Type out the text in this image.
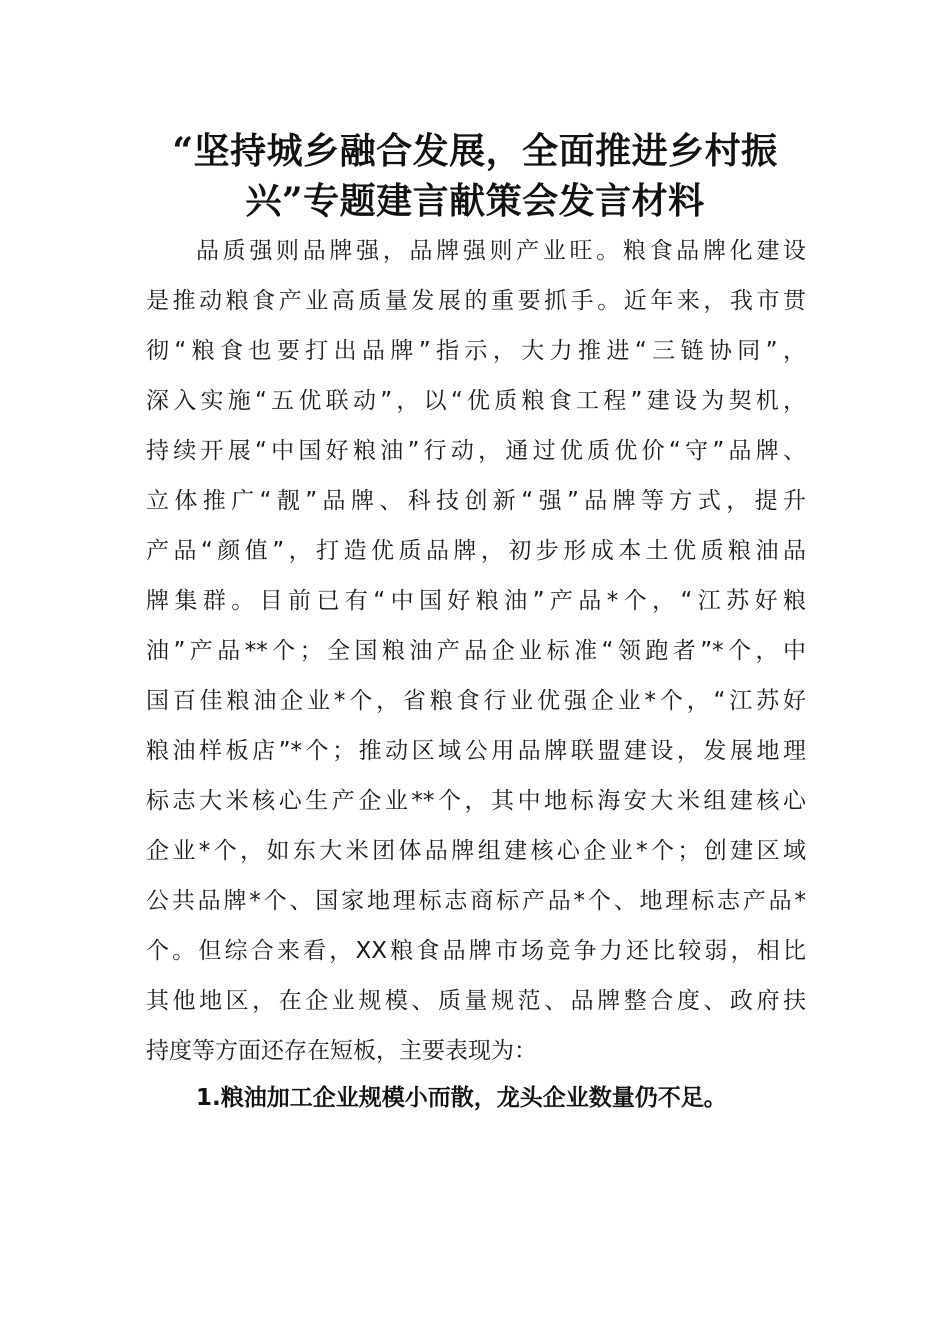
“坚持城乡融合发展，全面推进乡村振
兴”专题建言献策会发言材料
品质强则品牌强，品牌强则产业旺。粮食品牌化建设
是推动粮食产业高质量发展的重要抓手。近年来，我市贯
彻“粮食也要打出品牌”指示，大力推进“三链协同”，
深入实施“五优联动”，以“优质粮食工程”建设为契机，
持续开展“中国好粮油”行动，通过优质优价“守”品牌、
立体推广“靓”品牌、科技创新“强”品牌等方式，提升
产品“颜值”，打造优质品牌，初步形成本土优质粮油品
牌集群。目前已有“中国好粮油”产品*个，“江苏好粮
油”产品**个；全国粮油产品企业标准“领跑者”*个，中
国百佳粮油企业*个，省粮食行业优强企业*个，“江苏好
粮油样板店”*个；推动区域公用品牌联盟建设，发展地理
标志大米核心生产企业**个，其中地标海安大米组建核心
企业*个，如东大米团体品牌组建核心企业*个；创建区域
公共品牌*个、国家地理标志商标产品*个、地理标志产品*
个。但综合来看，XX粮食品牌市场竞争力还比较弱，相比
其他地区，在企业规模、质量规范、品牌整合度、政府扶
持度等方面还存在短板，主要表现为：
1.粮油加工企业规模小而散，龙头企业数量仍不足。
